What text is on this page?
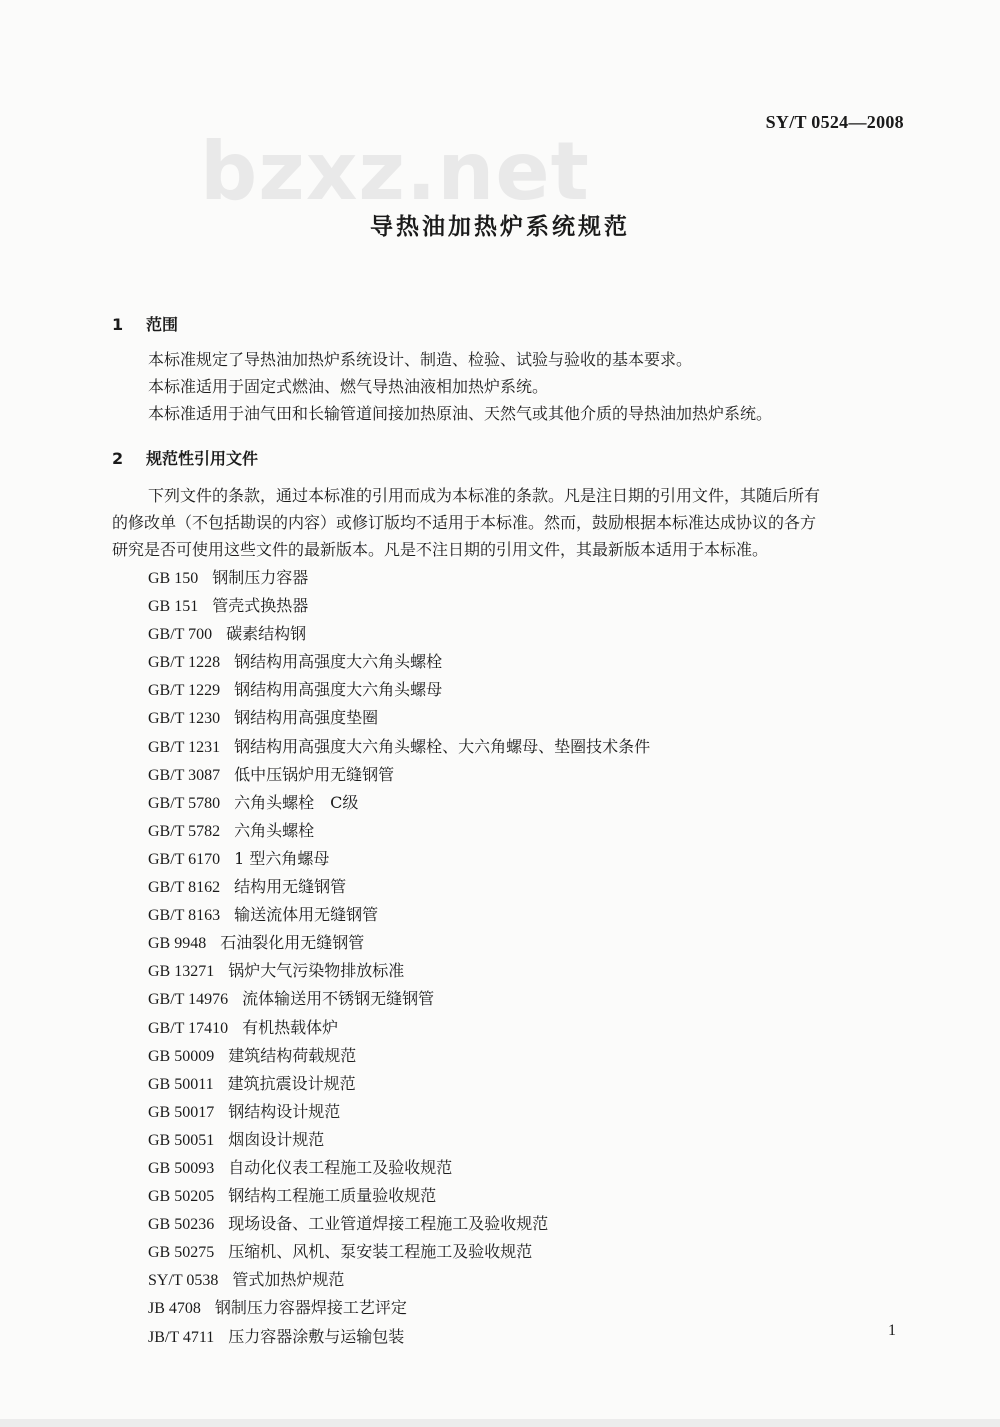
bzxz.net
SY/T 0524—2008
导热油加热炉系统规范
1 范围
本标准规定了导热油加热炉系统设计、制造、检验、试验与验收的基本要求。
本标准适用于固定式燃油、燃气导热油液相加热炉系统。
本标准适用于油气田和长输管道间接加热原油、天然气或其他介质的导热油加热炉系统。
2 规范性引用文件
下列文件的条款，通过本标准的引用而成为本标准的条款。凡是注日期的引用文件，其随后所有
的修改单（不包括勘误的内容）或修订版均不适用于本标准。然而，鼓励根据本标准达成协议的各方
研究是否可使用这些文件的最新版本。凡是不注日期的引用文件，其最新版本适用于本标准。
GB 150 钢制压力容器
GB 151 管壳式换热器
GB/T 700 碳素结构钢
GB/T 1228 钢结构用高强度大六角头螺栓
GB/T 1229 钢结构用高强度大六角头螺母
GB/T 1230 钢结构用高强度垫圈
GB/T 1231 钢结构用高强度大六角头螺栓、大六角螺母、垫圈技术条件
GB/T 3087 低中压锅炉用无缝钢管
GB/T 5780 六角头螺栓　C级
GB/T 5782 六角头螺栓
GB/T 6170 1 型六角螺母
GB/T 8162 结构用无缝钢管
GB/T 8163 输送流体用无缝钢管
GB 9948 石油裂化用无缝钢管
GB 13271 锅炉大气污染物排放标准
GB/T 14976 流体输送用不锈钢无缝钢管
GB/T 17410 有机热载体炉
GB 50009 建筑结构荷载规范
GB 50011 建筑抗震设计规范
GB 50017 钢结构设计规范
GB 50051 烟囱设计规范
GB 50093 自动化仪表工程施工及验收规范
GB 50205 钢结构工程施工质量验收规范
GB 50236 现场设备、工业管道焊接工程施工及验收规范
GB 50275 压缩机、风机、泵安装工程施工及验收规范
SY/T 0538 管式加热炉规范
JB 4708 钢制压力容器焊接工艺评定
JB/T 4711 压力容器涂敷与运输包装	1
